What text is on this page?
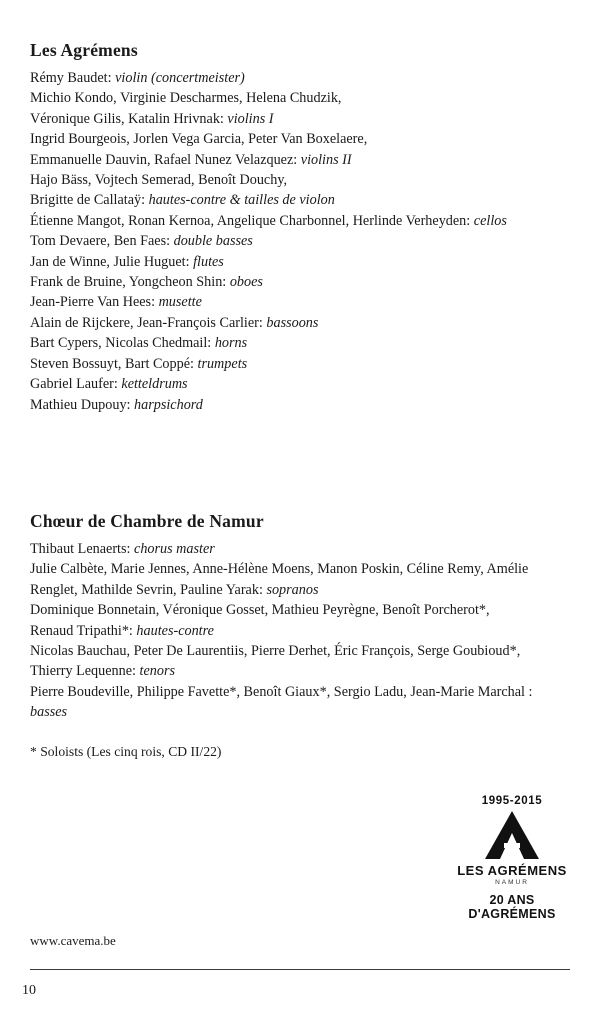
Les Agrémens

Rémy Baudet: violin (concertmeister)

Michio Kondo, Virginie Descharmes, Helena Chudzik,

Véronique Gilis, Katalin Hrivnak: violins I

Ingrid Bourgeois, Jorlen Vega Garcia, Peter Van Boxelaere,

Emmanuelle Dauvin, Rafael Nunez Velazquez: violins II

Hajo Bäss, Vojtech Semerad, Benoît Douchy,

Brigitte de Callataÿ: hautes-contre & tailles de violon

Étienne Mangot, Ronan Kernoa, Angelique Charbonnel, Herlinde Verheyden: cellos

Tom Devaere, Ben Faes: double basses

Jan de Winne, Julie Huguet: flutes

Frank de Bruine, Yongcheon Shin: oboes

Jean-Pierre Van Hees: musette

Alain de Rijckere, Jean-François Carlier: bassoons

Bart Cypers, Nicolas Chedmail: horns

Steven Bossuyt, Bart Coppé: trumpets

Gabriel Laufer: ketteldrums

Mathieu Dupouy: harpsichord

Chœur de Chambre de Namur

Thibaut Lenaerts: chorus master

Julie Calbète, Marie Jennes, Anne-Hélène Moens, Manon Poskin, Céline Remy, Amélie

Renglet, Mathilde Sevrin, Pauline Yarak: sopranos

Dominique Bonnetain, Véronique Gosset, Mathieu Peyrègne, Benoît Porcherot*,

Renaud Tripathi*: hautes-contre

Nicolas Bauchau, Peter De Laurentiis, Pierre Derhet, Éric François, Serge Goubioud*,

Thierry Lequenne: tenors

Pierre Boudeville, Philippe Favette*, Benoît Giaux*, Sergio Ladu, Jean-Marie Marchal :

basses

* Soloists (Les cinq rois, CD II/22)

1995-2015
LES AGRÉMENS
NAMUR
20 ANS
D'AGRÉMENS
www.cavema.be
10
